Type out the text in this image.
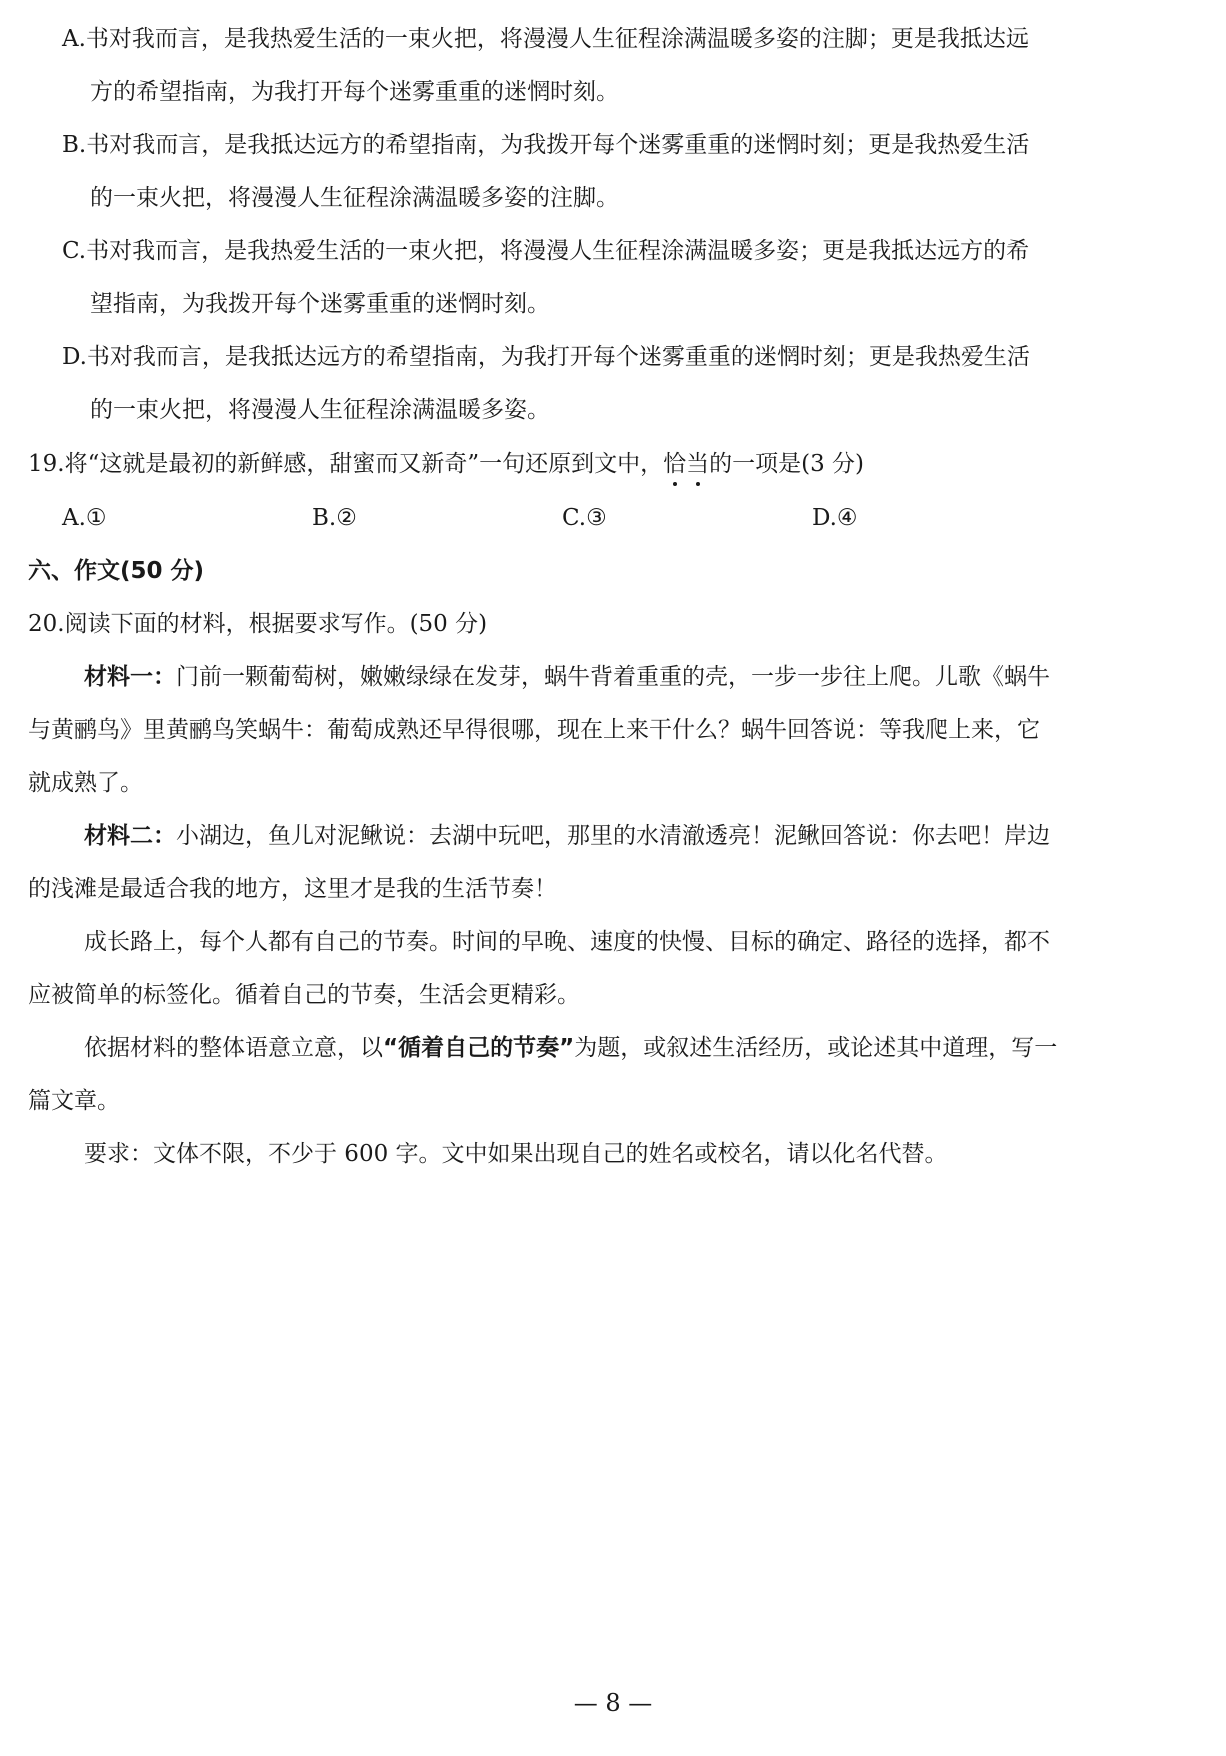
A.书对我而言，是我热爱生活的一束火把，将漫漫人生征程涂满温暖多姿的注脚；更是我抵达远
方的希望指南，为我打开每个迷雾重重的迷惘时刻。
B.书对我而言，是我抵达远方的希望指南，为我拨开每个迷雾重重的迷惘时刻；更是我热爱生活
的一束火把，将漫漫人生征程涂满温暖多姿的注脚。
C.书对我而言，是我热爱生活的一束火把，将漫漫人生征程涂满温暖多姿；更是我抵达远方的希
望指南，为我拨开每个迷雾重重的迷惘时刻。
D.书对我而言，是我抵达远方的希望指南，为我打开每个迷雾重重的迷惘时刻；更是我热爱生活
的一束火把，将漫漫人生征程涂满温暖多姿。
19.将“这就是最初的新鲜感，甜蜜而又新奇”一句还原到文中，恰当的一项是(3 分)
A.①	B.②	C.③	D.④
六、作文(50 分)
20.阅读下面的材料，根据要求写作。(50 分)
材料一：门前一颗葡萄树，嫩嫩绿绿在发芽，蜗牛背着重重的壳，一步一步往上爬。儿歌《蜗牛
与黄鹂鸟》里黄鹂鸟笑蜗牛：葡萄成熟还早得很哪，现在上来干什么？蜗牛回答说：等我爬上来，它
就成熟了。
材料二：小湖边，鱼儿对泥鳅说：去湖中玩吧，那里的水清澈透亮！泥鳅回答说：你去吧！岸边
的浅滩是最适合我的地方，这里才是我的生活节奏！
成长路上，每个人都有自己的节奏。时间的早晚、速度的快慢、目标的确定、路径的选择，都不
应被简单的标签化。循着自己的节奏，生活会更精彩。
依据材料的整体语意立意，以“循着自己的节奏”为题，或叙述生活经历，或论述其中道理，写一
篇文章。
要求：文体不限，不少于 600 字。文中如果出现自己的姓名或校名，请以化名代替。
— 8 —
